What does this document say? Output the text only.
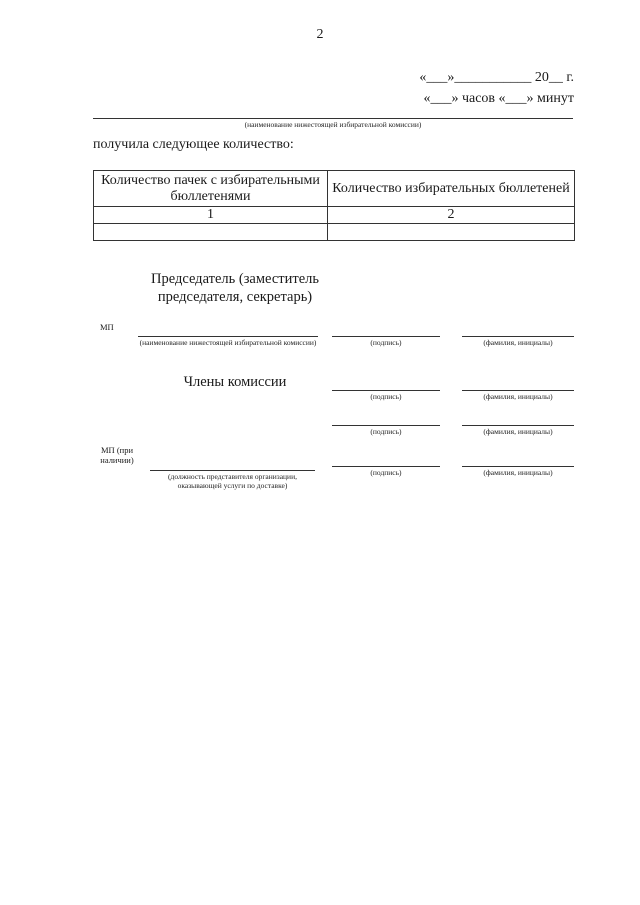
2
«___»___________ 20__ г.
«___» часов «___» минут
(наименование нижестоящей избирательной комиссии)
получила следующее количество:
Количество пачек с избирательными бюллетенями	Количество избирательных бюллетеней
1	2

Председатель (заместитель председателя, секретарь)
МП
(наименование нижестоящей избирательной комиссии)	(подпись)	(фамилия, инициалы)
Члены комиссии
(подпись)	(фамилия, инициалы)
(подпись)	(фамилия, инициалы)
МП (при наличии)
(должность представителя организации, оказывающей услуги по доставке)
(подпись)	(фамилия, инициалы)
